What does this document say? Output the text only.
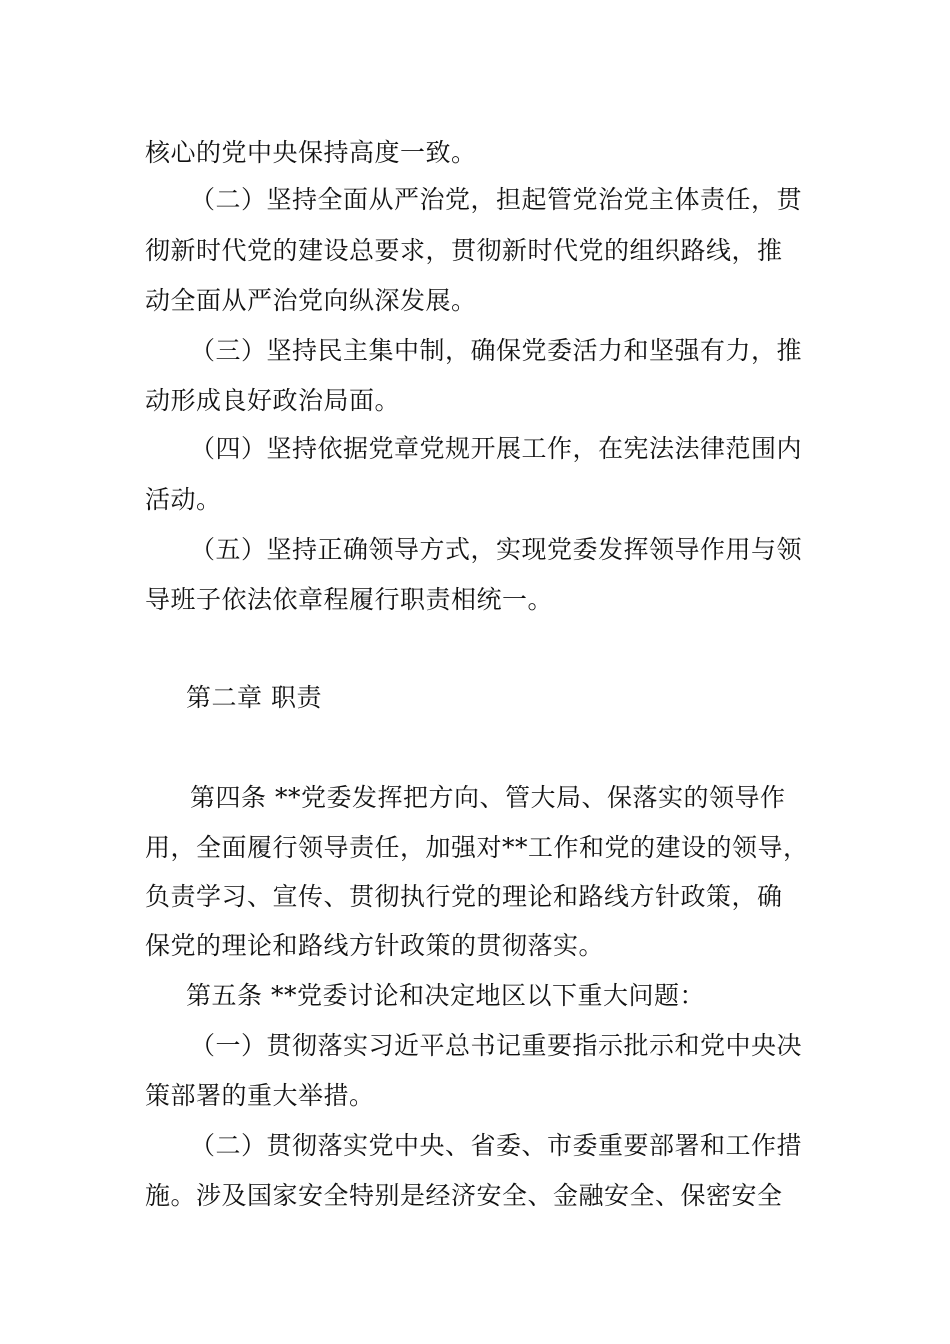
核心的党中央保持高度一致。
（二）坚持全面从严治党，担起管党治党主体责任，贯
彻新时代党的建设总要求，贯彻新时代党的组织路线，推
动全面从严治党向纵深发展。
（三）坚持民主集中制，确保党委活力和坚强有力，推
动形成良好政治局面。
（四）坚持依据党章党规开展工作，在宪法法律范围内
活动。
（五）坚持正确领导方式，实现党委发挥领导作用与领
导班子依法依章程履行职责相统一。
第二章 职责
第四条 **党委发挥把方向、管大局、保落实的领导作
用，全面履行领导责任，加强对**工作和党的建设的领导，
负责学习、宣传、贯彻执行党的理论和路线方针政策，确
保党的理论和路线方针政策的贯彻落实。
第五条 **党委讨论和决定地区以下重大问题：
（一）贯彻落实习近平总书记重要指示批示和党中央决
策部署的重大举措。
（二）贯彻落实党中央、省委、市委重要部署和工作措
施。涉及国家安全特别是经济安全、金融安全、保密安全
